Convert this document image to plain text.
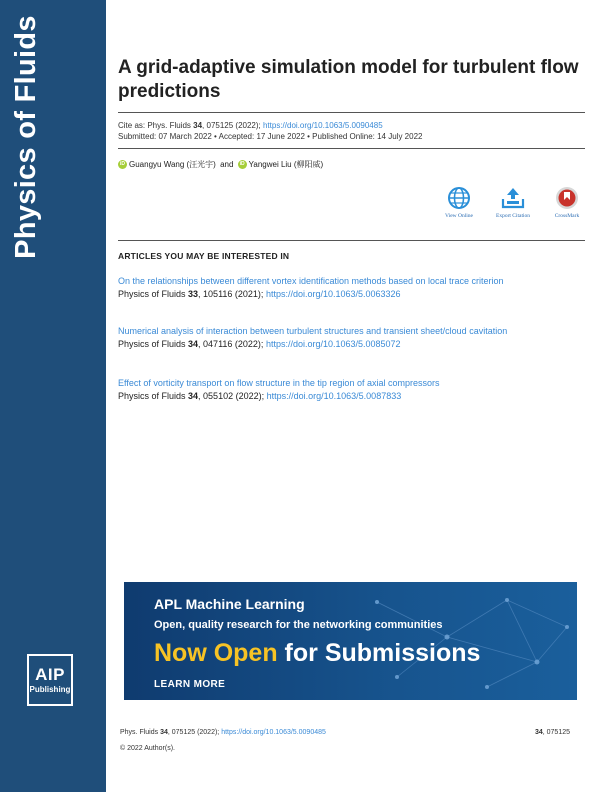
Physics of Fluids
AIP
Publishing
A grid-adaptive simulation model for turbulent flow predictions
Cite as: Phys. Fluids 34, 075125 (2022); https://doi.org/10.1063/5.0090485
Submitted: 07 March 2022 • Accepted: 17 June 2022 • Published Online: 14 July 2022
iD Guangyu Wang (汪光宇) and iD Yangwei Liu (柳阳威)
View Online	Export Citation	CrossMark
ARTICLES YOU MAY BE INTERESTED IN
On the relationships between different vortex identification methods based on local trace criterion
Physics of Fluids 33, 105116 (2021); https://doi.org/10.1063/5.0063326
Numerical analysis of interaction between turbulent structures and transient sheet/cloud cavitation
Physics of Fluids 34, 047116 (2022); https://doi.org/10.1063/5.0085072
Effect of vorticity transport on flow structure in the tip region of axial compressors
Physics of Fluids 34, 055102 (2022); https://doi.org/10.1063/5.0087833
APL Machine Learning
Open, quality research for the networking communities
Now Open for Submissions
LEARN MORE
Phys. Fluids 34, 075125 (2022); https://doi.org/10.1063/5.0090485	34, 075125
© 2022 Author(s).
